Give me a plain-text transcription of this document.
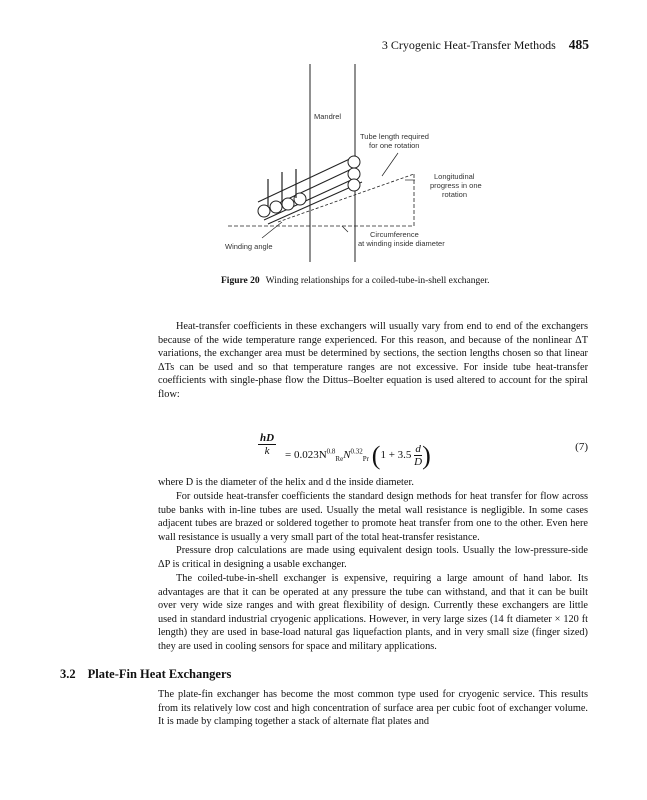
3 Cryogenic Heat-Transfer Methods 485
Mandrel
Tube length required
for one rotation
Longitudinal
progress in one
rotation
Circumference
at winding inside diameter
Winding angle
Figure 20 Winding relationships for a coiled-tube-in-shell exchanger.

Heat-transfer coefficients in these exchangers will usually vary from end to end of the exchangers because of the wide temperature range experienced. For this reason, and because of the nonlinear ΔT variations, the exchanger area must be determined by sections, the section lengths chosen so that linear ΔTs can be used and so that temperature ranges are not excessive. For inside tube heat-transfer coefficients with single-phase flow the Dittus–Boelter equation is used altered to account for the spiral flow:

$\frac{hD}{k} = 0.023N^{0.8}_{Re}N^{0.32}_{Pr}$ $(1 + 3.5 \frac{d}{D})$	(7)

where D is the diameter of the helix and d the inside diameter.

For outside heat-transfer coefficients the standard design methods for heat transfer for flow across tube banks with in-line tubes are used. Usually the metal wall resistance is negligible. In some cases adjacent tubes are brazed or soldered together to promote heat transfer from one to the other. Even here wall resistance is usually a very small part of the total heat-transfer resistance.

Pressure drop calculations are made using equivalent design tools. Usually the low-pressure-side ΔP is critical in designing a usable exchanger.

The coiled-tube-in-shell exchanger is expensive, requiring a large amount of hand labor. Its advantages are that it can be operated at any pressure the tube can withstand, and that it can be built over very wide size ranges and with great flexibility of design. Currently these exchangers are little used in standard industrial cryogenic applications. However, in very large sizes (14 ft diameter × 120 ft length) they are used in base-load natural gas liquefaction plants, and in very small size (finger sized) they are used in cooling sensors for space and military applications.

3.2 Plate-Fin Heat Exchangers

The plate-fin exchanger has become the most common type used for cryogenic service. This results from its relatively low cost and high concentration of surface area per cubic foot of exchanger volume. It is made by clamping together a stack of alternate flat plates and
